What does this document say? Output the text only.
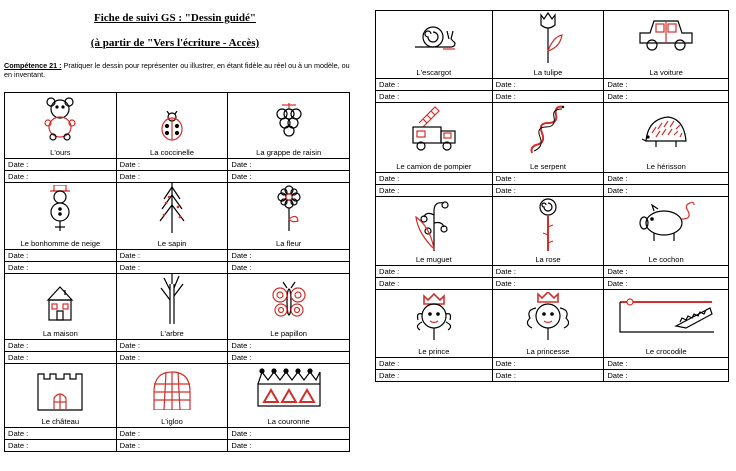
Fiche de suivi GS : "Dessin guidé"
(à partir de "Vers l'écriture - Accès)
Compétence 21 : Pratiquer le dessin pour représenter ou illustrer, en étant fidèle au réel ou à un modèle, ou en inventant.
L'ours	La coccinelle	La grappe de raisin

Date :	Date :	Date :
Date :	Date :	Date :

Le bonhomme de neige	Le sapin	La fleur

Date :	Date :	Date :
Date :	Date :	Date :

La maison	L'arbre	Le papillon

Date :	Date :	Date :
Date :	Date :	Date :

Le château	L'igloo	La couronne

Date :	Date :	Date :
Date :	Date :	Date :
L'escargot	La tulipe	La voiture

Date :	Date :	Date :
Date :	Date :	Date :

Le camion de pompier	Le serpent	Le hérisson

Date :	Date :	Date :
Date :	Date :	Date :

Le muguet	La rose	Le cochon

Date :	Date :	Date :
Date :	Date :	Date :

Le prince	La princesse	Le crocodile

Date :	Date :	Date :
Date :	Date :	Date :
